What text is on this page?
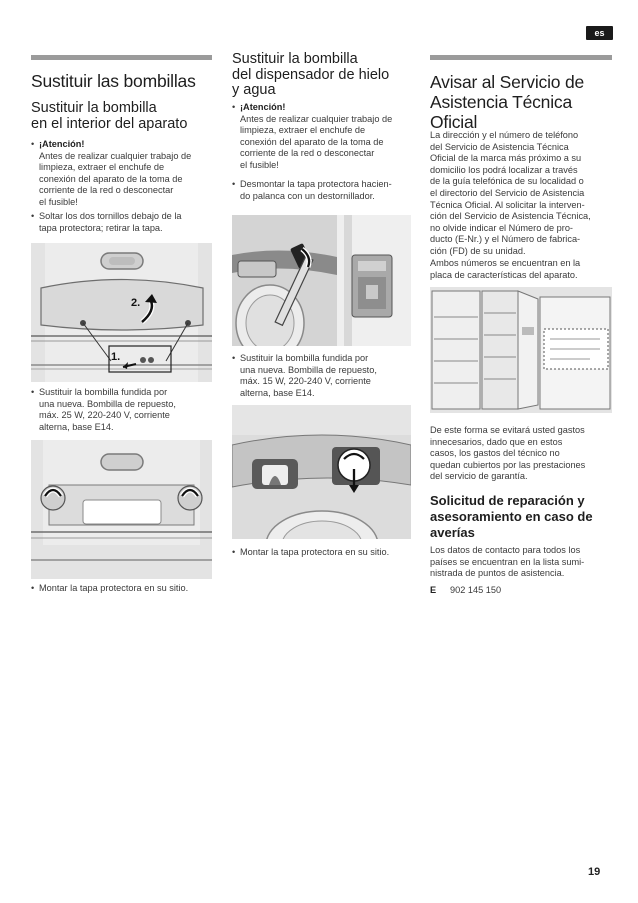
es
Sustituir las bombillas
Sustituir la bombilla
en el interior del aparato
• ¡Atención!
Antes de realizar cualquier trabajo de
limpieza, extraer el enchufe de
conexión del aparato de la toma de
corriente de la red o desconectar
el fusible!
• Soltar los dos tornillos debajo de la
tapa protectora; retirar la tapa.
2.
1.
• Sustituir la bombilla fundida por
una nueva. Bombilla de repuesto,
máx. 25 W, 220-240 V, corriente
alterna, base E14.
• Montar la tapa protectora en su sitio.
Sustituir la bombilla
del dispensador de hielo
y agua
• ¡Atención!
Antes de realizar cualquier trabajo de
limpieza, extraer el enchufe de
conexión del aparato de la toma de
corriente de la red o desconectar
el fusible!
• Desmontar la tapa protectora hacien-
do palanca con un destornillador.
• Sustituir la bombilla fundida por
una nueva. Bombilla de repuesto,
máx. 15 W, 220-240 V, corriente
alterna, base E14.
• Montar la tapa protectora en su sitio.
Avisar al Servicio de
Asistencia Técnica
Oficial
La dirección y el número de teléfono
del Servicio de Asistencia Técnica
Oficial de la marca más próximo a su
domicilio los podrá localizar a través
de la guía telefónica de su localidad o
el directorio del Servicio de Asistencia
Técnica Oficial. Al solicitar la interven-
ción del Servicio de Asistencia Técnica,
no olvide indicar el Número de pro-
ducto (E-Nr.) y el Número de fabrica-
ción (FD) de su unidad.
Ambos números se encuentran en la
placa de características del aparato.
De este forma se evitará usted gastos
innecesarios, dado que en estos
casos, los gastos del técnico no
quedan cubiertos por las prestaciones
del servicio de garantía.
Solicitud de reparación y
asesoramiento en caso de
averías
Los datos de contacto para todos los
países se encuentran en la lista sumi-
nistrada de puntos de asistencia.
E 902 145 150
19
